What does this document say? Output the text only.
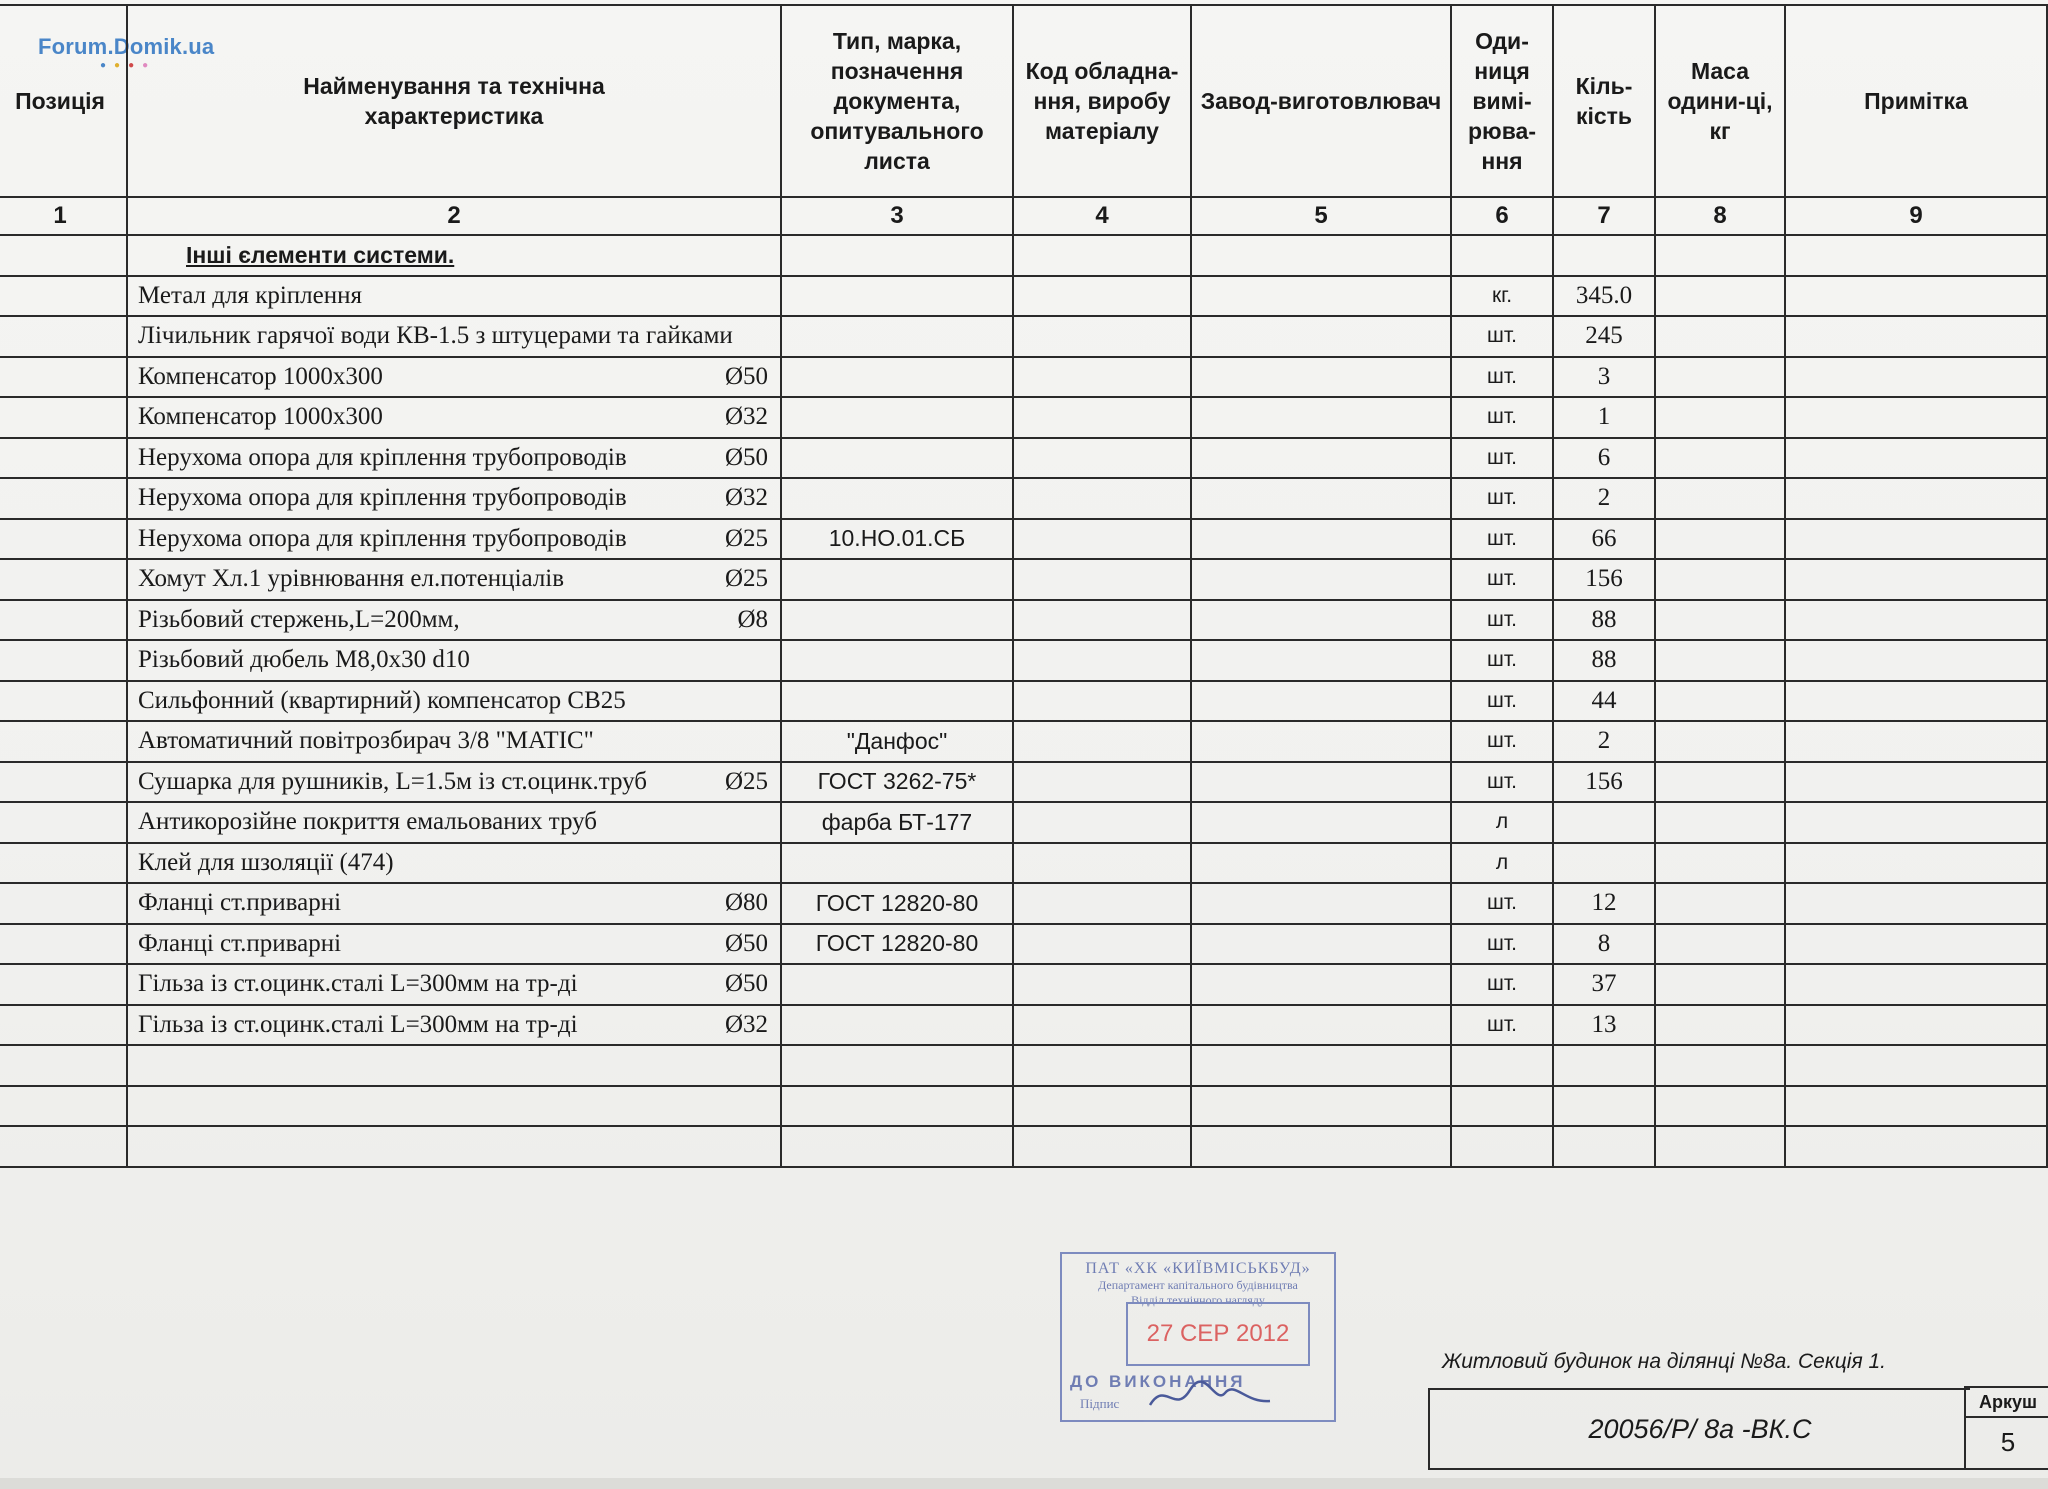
Forum.Domik.ua
●●●●
Позиція	Найменування та технічна характеристика	Тип, марка, позначення документа, опитувального листа	Код обладна-ння, виробу матеріалу	Завод-виготовлювач	Оди-ниця вимі-рюва-ння	Кіль-кість	Маса одини-ці, кг	Примітка
1	2	3	4	5	6	7	8	9
	Інші єлементи системи.							
	Метал для кріплення				кг.	345.0		
	Лічильник гарячої води КВ-1.5 з штуцерами та гайками				шт.	245		
	Компенсатор 1000х300 Ø50				шт.	3		
	Компенсатор 1000х300 Ø32				шт.	1		
	Нерухома опора для кріплення трубопроводів Ø50				шт.	6		
	Нерухома опора для кріплення трубопроводів Ø32				шт.	2		
	Нерухома опора для кріплення трубопроводів Ø25	10.НО.01.СБ			шт.	66		
	Хомут Хл.1 урівнювання ел.потенціалів Ø25				шт.	156		
	Різьбовий стержень,L=200мм, Ø8				шт.	88		
	Різьбовий дюбель М8,0х30 d10				шт.	88		
	Сильфонний (квартирний) компенсатор СВ25				шт.	44		
	Автоматичний повітрозбирач 3/8 "MATIC"	"Данфос"			шт.	2		
	Сушарка для рушників, L=1.5м із ст.оцинк.труб Ø25	ГОСТ 3262-75*			шт.	156		
	Антикорозійне покриття емальованих труб	фарба БТ-177			л			
	Клей для шзоляції (474)				л			
	Фланці ст.приварні Ø80	ГОСТ 12820-80			шт.	12		
	Фланці ст.приварні Ø50	ГОСТ 12820-80			шт.	8		
	Гільза із ст.оцинк.сталі L=300мм на тр-ді Ø50				шт.	37		
	Гільза із ст.оцинк.сталі L=300мм на тр-ді Ø32				шт.	13		

ПАТ «ХК «КИЇВМІСЬКБУД»
Департамент капітального будівництва
Відділ технічного нагляду
27 СЕР 2012
ДО ВИКОНАННЯ
Підпис
Житловий будинок на ділянці №8а. Секція 1.
20056/Р/ 8а -ВК.С
Аркуш
5
